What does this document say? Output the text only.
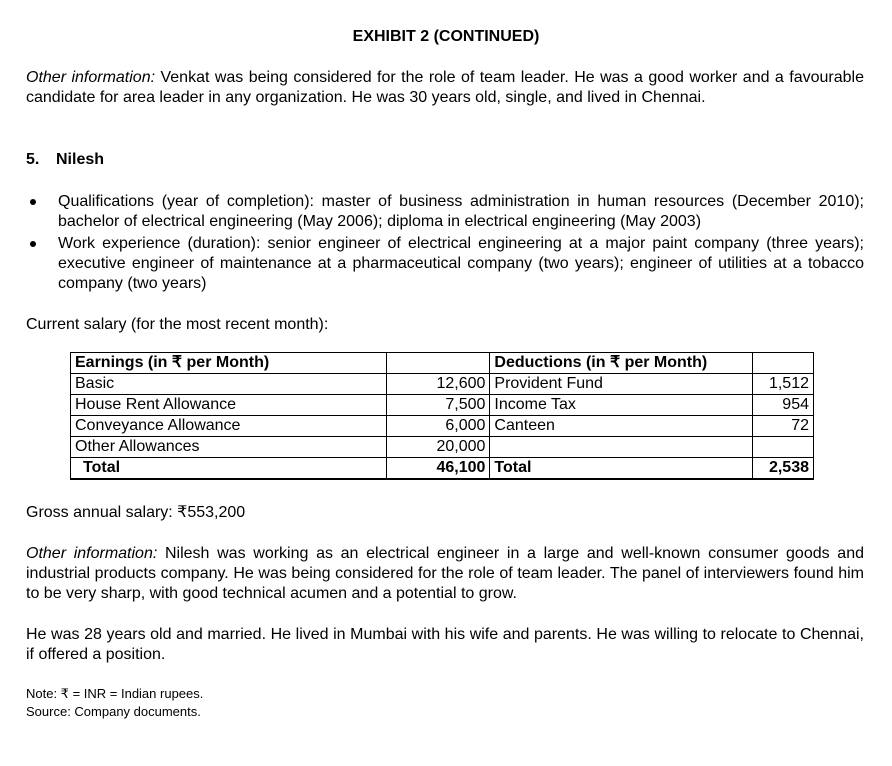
EXHIBIT 2 (CONTINUED)
Other information: Venkat was being considered for the role of team leader. He was a good worker and a favourable candidate for area leader in any organization. He was 30 years old, single, and lived in Chennai.
5. Nilesh
Qualifications (year of completion): master of business administration in human resources (December 2010); bachelor of electrical engineering (May 2006); diploma in electrical engineering (May 2003)
Work experience (duration): senior engineer of electrical engineering at a major paint company (three years); executive engineer of maintenance at a pharmaceutical company (two years); engineer of utilities at a tobacco company (two years)
Current salary (for the most recent month):
Earnings (in ₹ per Month)		Deductions (in ₹ per Month)	
Basic	12,600	Provident Fund	1,512
House Rent Allowance	7,500	Income Tax	954
Conveyance Allowance	6,000	Canteen	72
Other Allowances	20,000		
Total	46,100	Total	2,538
Gross annual salary: ₹553,200
Other information: Nilesh was working as an electrical engineer in a large and well-known consumer goods and industrial products company. He was being considered for the role of team leader. The panel of interviewers found him to be very sharp, with good technical acumen and a potential to grow.
He was 28 years old and married. He lived in Mumbai with his wife and parents. He was willing to relocate to Chennai, if offered a position.
Note: ₹ = INR = Indian rupees.
Source: Company documents.
